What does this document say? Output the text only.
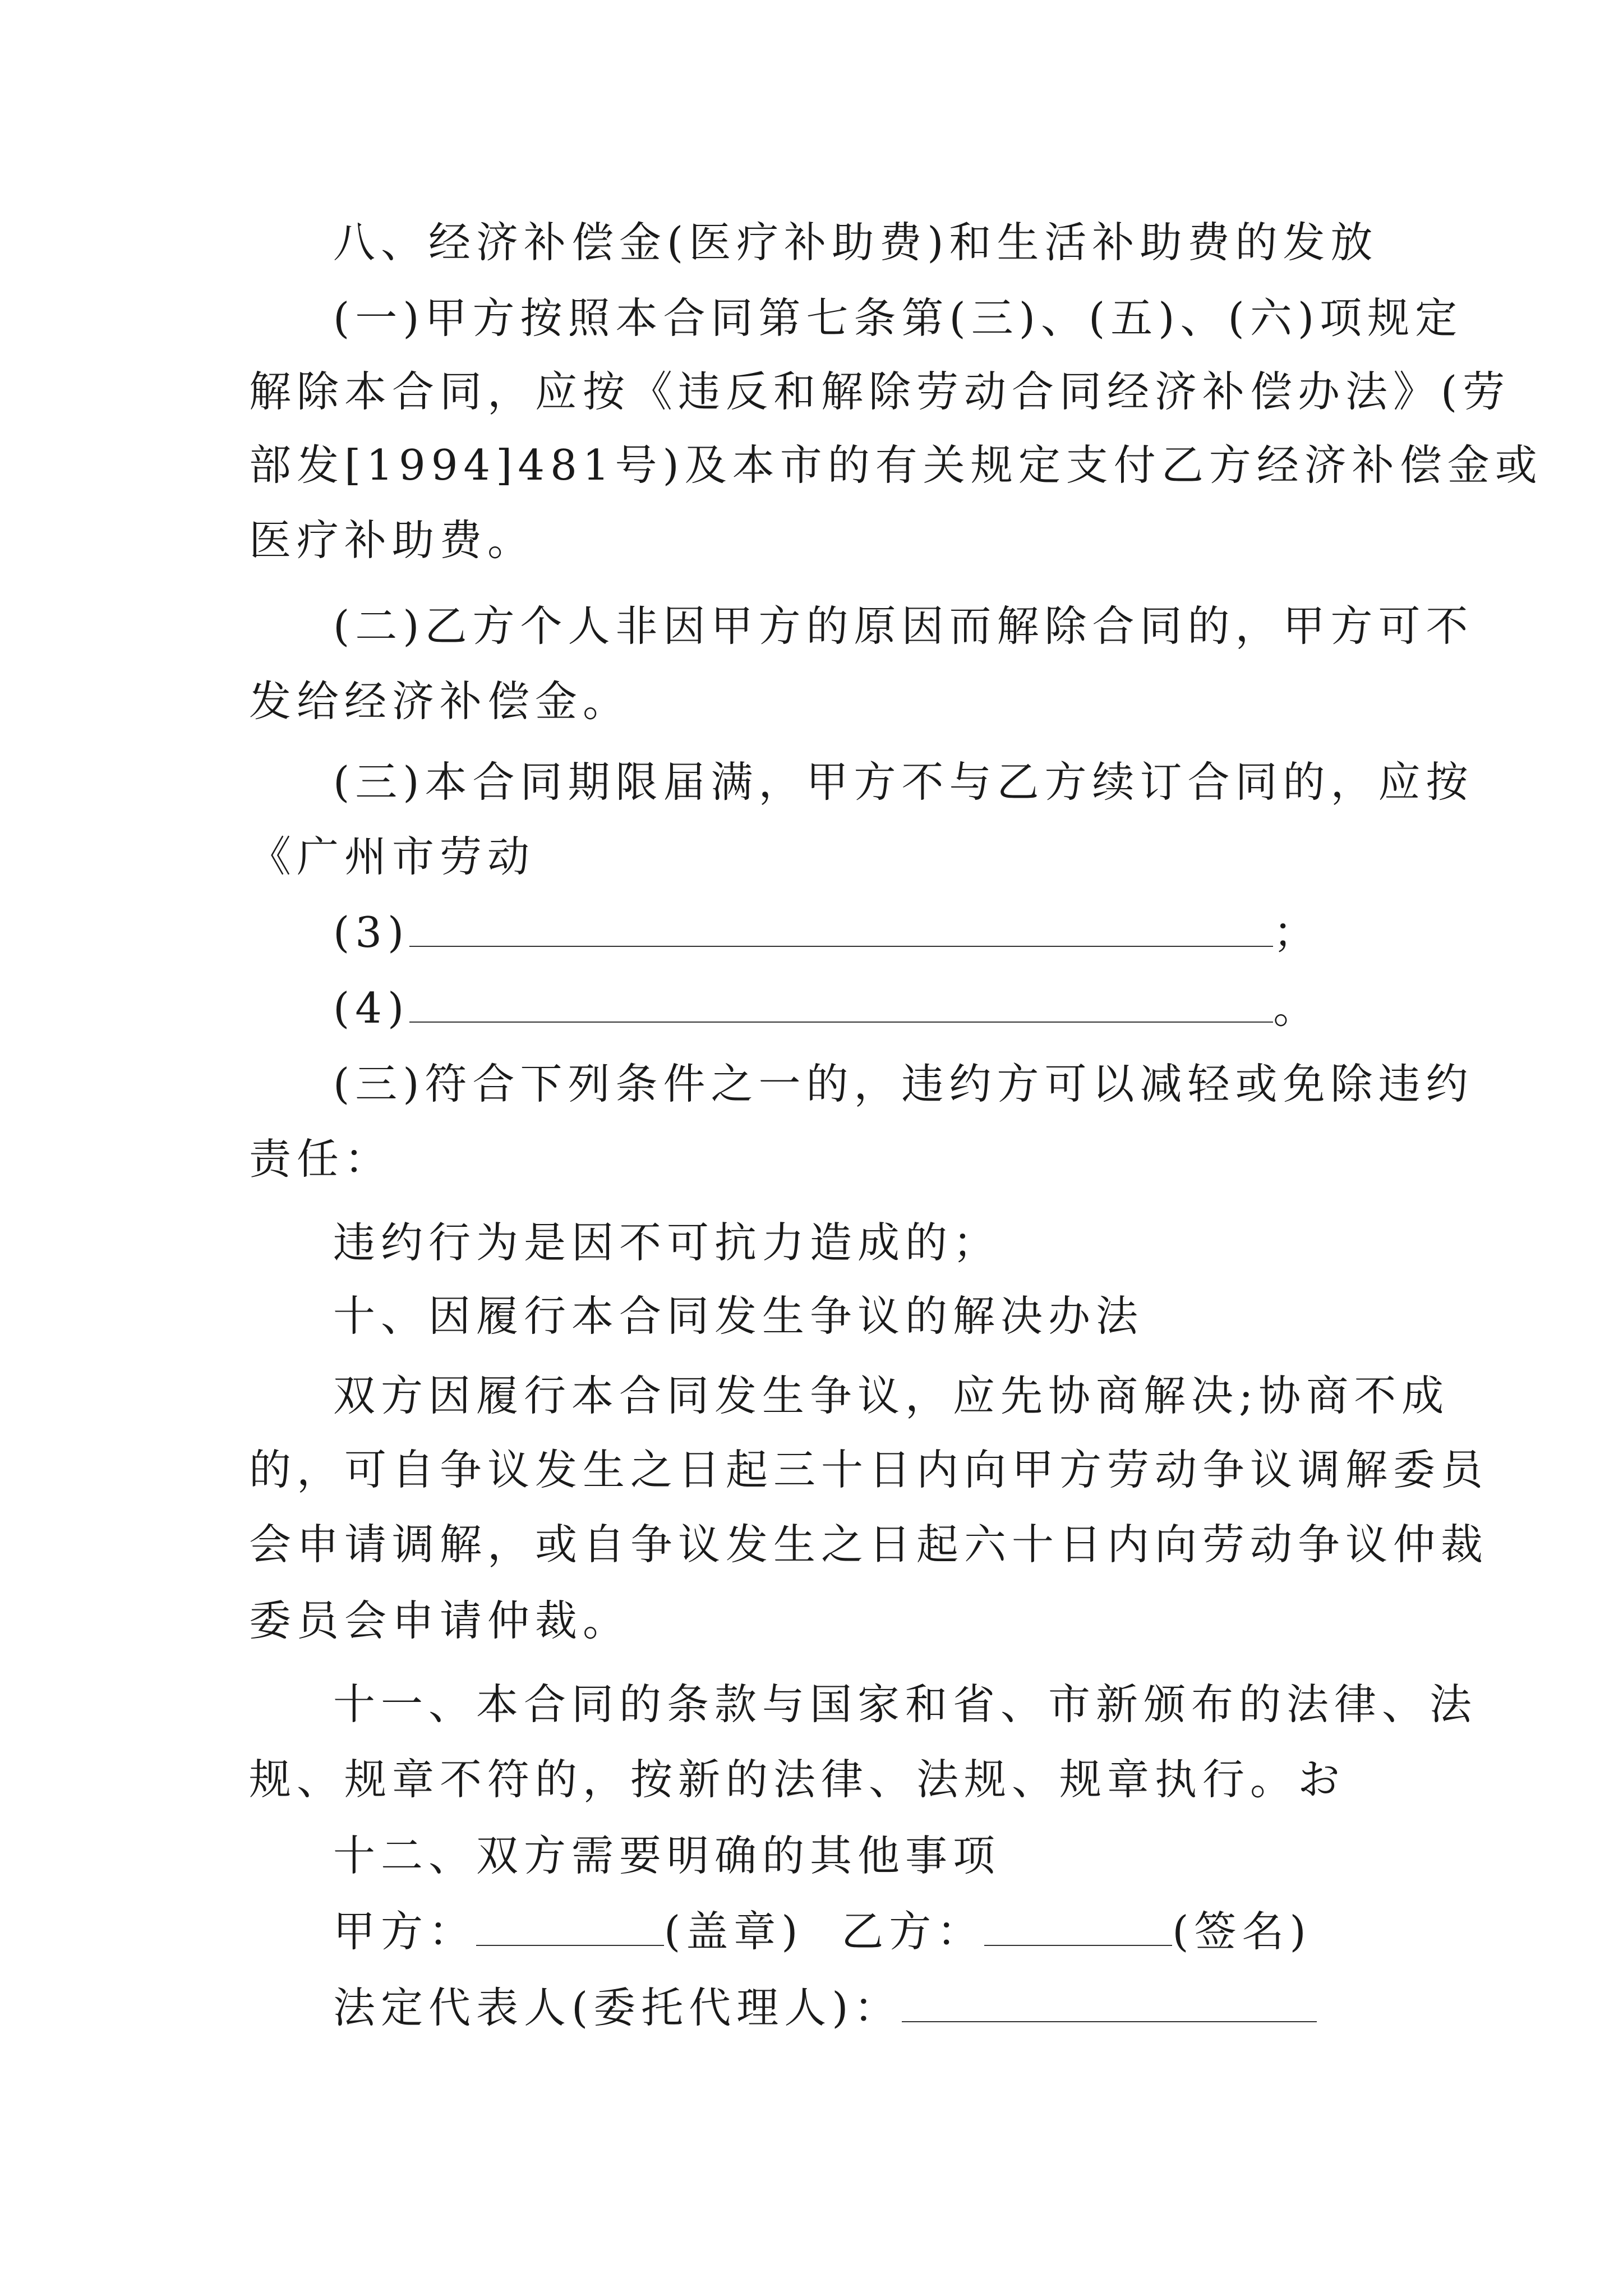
八、经济补偿金(医疗补助费)和生活补助费的发放
(一)甲方按照本合同第七条第(三)、(五)、(六)项规定
解除本合同，应按《违反和解除劳动合同经济补偿办法》(劳
部发[1994]481号)及本市的有关规定支付乙方经济补偿金或
医疗补助费。
(二)乙方个人非因甲方的原因而解除合同的，甲方可不
发给经济补偿金。
(三)本合同期限届满，甲方不与乙方续订合同的，应按
《广州市劳动
(3)	；
(4)	。
(三)符合下列条件之一的，违约方可以减轻或免除违约
责任：
违约行为是因不可抗力造成的；
十、因履行本合同发生争议的解决办法
双方因履行本合同发生争议，应先协商解决;协商不成
的，可自争议发生之日起三十日内向甲方劳动争议调解委员
会申请调解，或自争议发生之日起六十日内向劳动争议仲裁
委员会申请仲裁。
十一、本合同的条款与国家和省、市新颁布的法律、法
规、规章不符的，按新的法律、法规、规章执行。お
十二、双方需要明确的其他事项
甲方：	(盖章) 乙方：	(签名)
法定代表人(委托代理人)：
